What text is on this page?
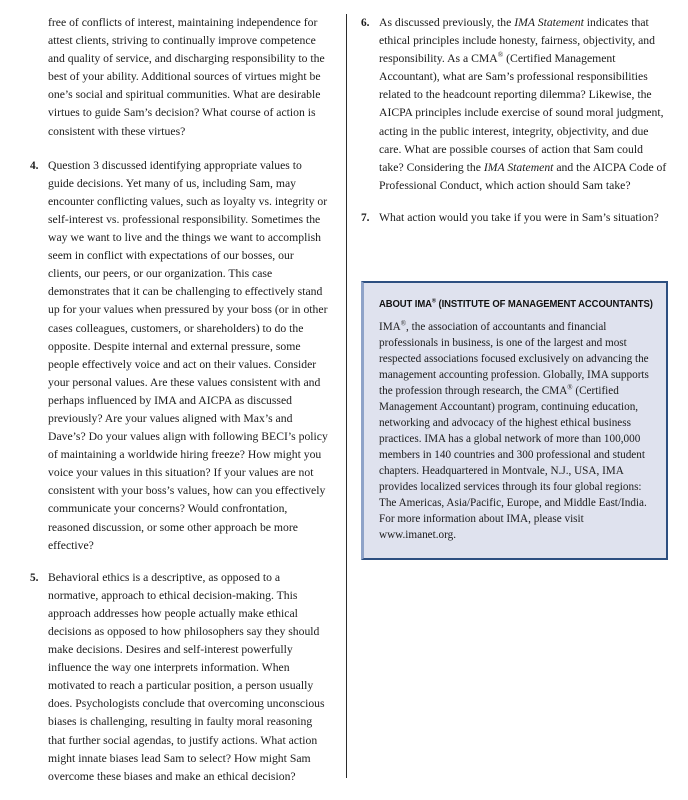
free of conflicts of interest, maintaining independence for attest clients, striving to continually improve competence and quality of service, and discharging responsibility to the best of your ability. Additional sources of virtues might be one’s social and spiritual communities. What are desirable virtues to guide Sam’s decision? What course of action is consistent with these virtues?

4. Question 3 discussed identifying appropriate values to guide decisions. Yet many of us, including Sam, may encounter conflicting values, such as loyalty vs. integrity or self-interest vs. professional responsibility. Sometimes the way we want to live and the things we want to accomplish seem in conflict with expectations of our bosses, our clients, our peers, or our organization. This case demonstrates that it can be challenging to effectively stand up for your values when pressured by your boss (or in other cases colleagues, customers, or shareholders) to do the opposite. Despite internal and external pressure, some people effectively voice and act on their values. Consider your personal values. Are these values consistent with and perhaps influenced by IMA and AICPA as discussed previously? Are your values aligned with Max’s and Dave’s? Do your values align with following BECI’s policy of maintaining a worldwide hiring freeze? How might you voice your values in this situation? If your values are not consistent with your boss’s values, how can you effectively communicate your concerns? Would confrontation, reasoned discussion, or some other approach be more effective?
5. Behavioral ethics is a descriptive, as opposed to a normative, approach to ethical decision-making. This approach addresses how people actually make ethical decisions as opposed to how philosophers say they should make decisions. Desires and self-interest powerfully influence the way one interprets information. When motivated to reach a particular position, a person usually does. Psychologists conclude that overcoming unconscious biases is challenging, resulting in faulty moral reasoning that further social agendas, to justify actions. What action might innate biases lead Sam to select? How might Sam overcome these biases and make an ethical decision?
6. As discussed previously, the IMA Statement indicates that ethical principles include honesty, fairness, objectivity, and responsibility. As a CMA® (Certified Management Accountant), what are Sam’s professional responsibilities related to the headcount reporting dilemma? Likewise, the AICPA principles include exercise of sound moral judgment, acting in the public interest, integrity, objectivity, and due care. What are possible courses of action that Sam could take? Considering the IMA Statement and the AICPA Code of Professional Conduct, which action should Sam take?
7. What action would you take if you were in Sam’s situation?
ABOUT IMA® (INSTITUTE OF MANAGEMENT ACCOUNTANTS)
IMA®, the association of accountants and financial professionals in business, is one of the largest and most respected associations focused exclusively on advancing the management accounting profession. Globally, IMA supports the profession through research, the CMA® (Certified Management Accountant) program, continuing education, networking and advocacy of the highest ethical business practices. IMA has a global network of more than 100,000 members in 140 countries and 300 professional and student chapters. Headquartered in Montvale, N.J., USA, IMA provides localized services through its four global regions: The Americas, Asia/Pacific, Europe, and Middle East/India. For more information about IMA, please visit www.imanet.org.
